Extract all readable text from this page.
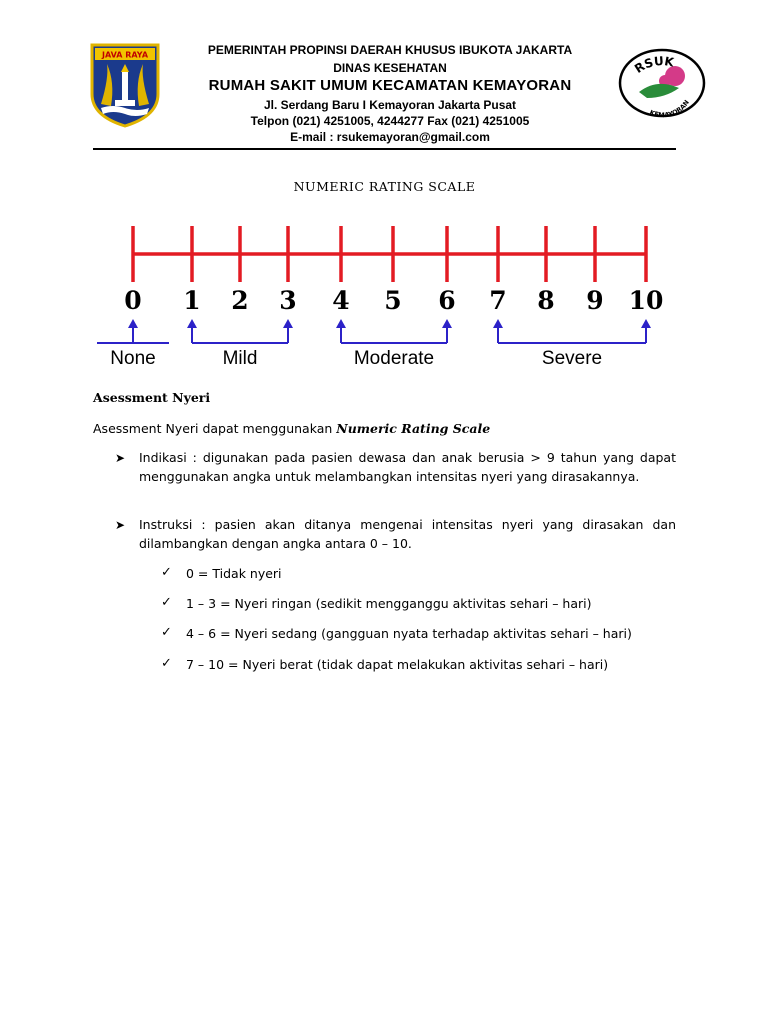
JAVA RAYA	PEMERINTAH PROPINSI DAERAH KHUSUS IBUKOTA JAKARTA
DINAS KESEHATAN
RUMAH SAKIT UMUM KECAMATAN KEMAYORAN
Jl. Serdang Baru I Kemayoran Jakarta Pusat
Telpon (021) 4251005, 4244277 Fax (021) 4251005
E-mail : rsukemayoran@gmail.com
RSUK
KEMAYORAN
NUMERIC RATING SCALE
0 1 2 3 4 5 6 7 8 9 10
None	Mild	Moderate	Severe
Asessment Nyeri
Asessment Nyeri dapat menggunakan Numeric Rating Scale
➤ Indikasi : digunakan pada pasien dewasa dan anak berusia > 9 tahun yang dapat menggunakan angka untuk melambangkan intensitas nyeri yang dirasakannya.
➤ Instruksi : pasien akan ditanya mengenai intensitas nyeri yang dirasakan dan dilambangkan dengan angka antara 0 – 10.
✓ 0 = Tidak nyeri
✓ 1 – 3 = Nyeri ringan (sedikit mengganggu aktivitas sehari – hari)
✓ 4 – 6 = Nyeri sedang (gangguan nyata terhadap aktivitas sehari – hari)
✓ 7 – 10 = Nyeri berat (tidak dapat melakukan aktivitas sehari – hari)
